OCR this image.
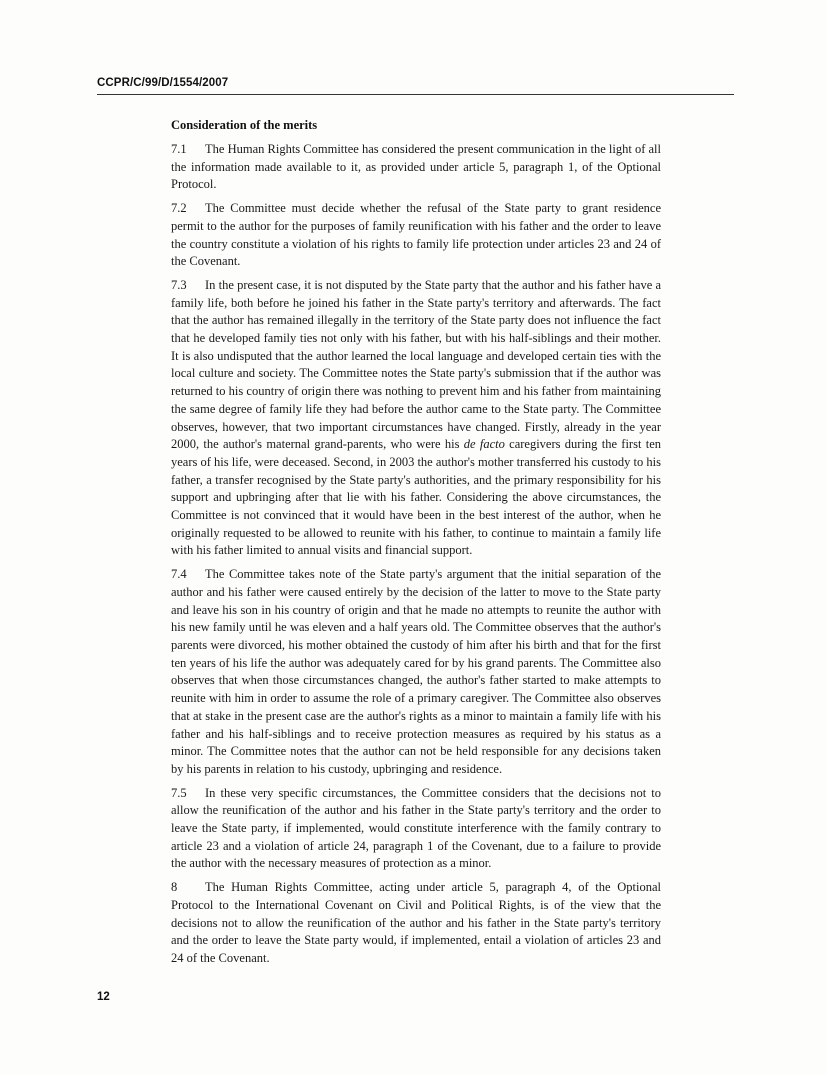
CCPR/C/99/D/1554/2007
Consideration of the merits

7.1 The Human Rights Committee has considered the present communication in the light of all the information made available to it, as provided under article 5, paragraph 1, of the Optional Protocol.

7.2 The Committee must decide whether the refusal of the State party to grant residence permit to the author for the purposes of family reunification with his father and the order to leave the country constitute a violation of his rights to family life protection under articles 23 and 24 of the Covenant.

7.3 In the present case, it is not disputed by the State party that the author and his father have a family life, both before he joined his father in the State party's territory and afterwards. The fact that the author has remained illegally in the territory of the State party does not influence the fact that he developed family ties not only with his father, but with his half-siblings and their mother. It is also undisputed that the author learned the local language and developed certain ties with the local culture and society. The Committee notes the State party's submission that if the author was returned to his country of origin there was nothing to prevent him and his father from maintaining the same degree of family life they had before the author came to the State party. The Committee observes, however, that two important circumstances have changed. Firstly, already in the year 2000, the author's maternal grand-parents, who were his de facto caregivers during the first ten years of his life, were deceased. Second, in 2003 the author's mother transferred his custody to his father, a transfer recognised by the State party's authorities, and the primary responsibility for his support and upbringing after that lie with his father. Considering the above circumstances, the Committee is not convinced that it would have been in the best interest of the author, when he originally requested to be allowed to reunite with his father, to continue to maintain a family life with his father limited to annual visits and financial support.

7.4 The Committee takes note of the State party's argument that the initial separation of the author and his father were caused entirely by the decision of the latter to move to the State party and leave his son in his country of origin and that he made no attempts to reunite the author with his new family until he was eleven and a half years old. The Committee observes that the author's parents were divorced, his mother obtained the custody of him after his birth and that for the first ten years of his life the author was adequately cared for by his grand parents. The Committee also observes that when those circumstances changed, the author's father started to make attempts to reunite with him in order to assume the role of a primary caregiver. The Committee also observes that at stake in the present case are the author's rights as a minor to maintain a family life with his father and his half-siblings and to receive protection measures as required by his status as a minor. The Committee notes that the author can not be held responsible for any decisions taken by his parents in relation to his custody, upbringing and residence.

7.5 In these very specific circumstances, the Committee considers that the decisions not to allow the reunification of the author and his father in the State party's territory and the order to leave the State party, if implemented, would constitute interference with the family contrary to article 23 and a violation of article 24, paragraph 1 of the Covenant, due to a failure to provide the author with the necessary measures of protection as a minor.

8 The Human Rights Committee, acting under article 5, paragraph 4, of the Optional Protocol to the International Covenant on Civil and Political Rights, is of the view that the decisions not to allow the reunification of the author and his father in the State party's territory and the order to leave the State party would, if implemented, entail a violation of articles 23 and 24 of the Covenant.

12
